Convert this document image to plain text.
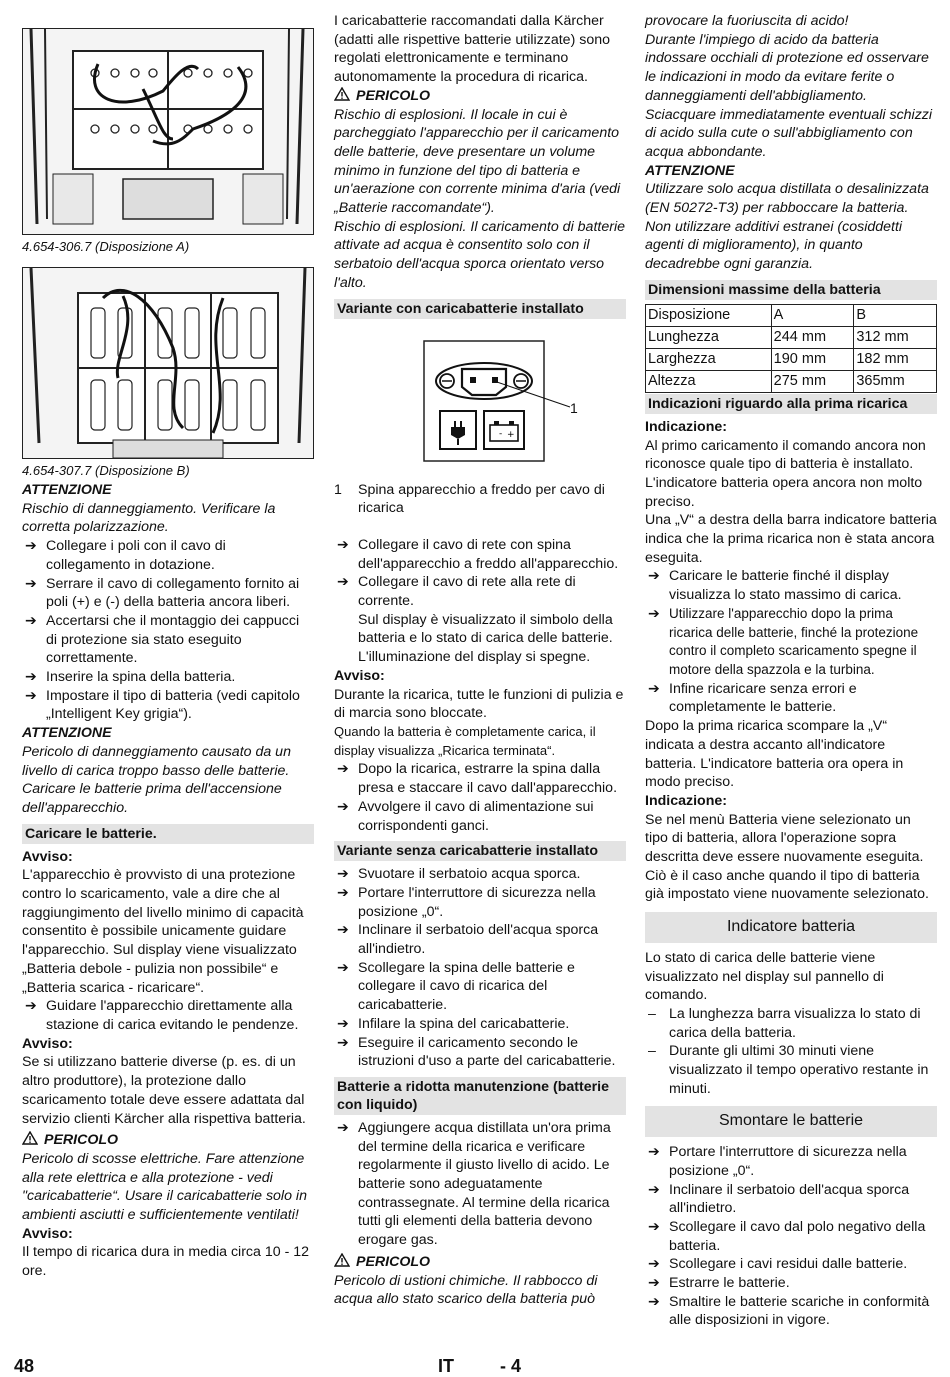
4.654-306.7 (Disposizione A)

4.654-307.7 (Disposizione B)

ATTENZIONE

Rischio di danneggiamento. Verificare la corretta polarizzazione.

➔ Collegare i poli con il cavo di collegamento in dotazione.

➔ Serrare il cavo di collegamento fornito ai poli (+) e (-) della batteria ancora liberi.

➔ Accertarsi che il montaggio dei cappucci di protezione sia stato eseguito correttamente.

➔ Inserire la spina della batteria.

➔ Impostare il tipo di batteria (vedi capitolo „Intelligent Key grigia“).

ATTENZIONE

Pericolo di danneggiamento causato da un livello di carica troppo basso delle batterie. Caricare le batterie prima dell'accensione dell'apparecchio.

Caricare le batterie.

Avviso:

L'apparecchio è provvisto di una protezione contro lo scaricamento, vale a dire che al raggiungimento del livello minimo di capacità consentito è possibile unicamente guidare l'apparecchio. Sul display viene visualizzato „Batteria debole - pulizia non possibile“ e „Batteria scarica - ricaricare“.

➔ Guidare l'apparecchio direttamente alla stazione di carica evitando le pendenze.

Avviso:

Se si utilizzano batterie diverse (p. es. di un altro produttore), la protezione dallo scaricamento totale deve essere adattata dal servizio clienti Kärcher alla rispettiva batteria.

PERICOLO

Pericolo di scosse elettriche. Fare attenzione alla rete elettrica e alla protezione - vedi "caricabatterie“. Usare il caricabatterie solo in ambienti asciutti e sufficientemente ventilati!

Avviso:

Il tempo di ricarica dura in media circa 10 - 12 ore.

I caricabatterie raccomandati dalla Kärcher (adatti alle rispettive batterie utilizzate) sono regolati elettronicamente e terminano autonomamente la procedura di ricarica.

PERICOLO

Rischio di esplosioni. Il locale in cui è parcheggiato l'apparecchio per il caricamento delle batterie, deve presentare un volume minimo in funzione del tipo di batteria e un'aerazione con corrente minima d'aria (vedi „Batterie raccomandate“).

Rischio di esplosioni. Il caricamento di batterie attivate ad acqua è consentito solo con il serbatoio dell'acqua sporca orientato verso l'alto.

Variante con caricabatterie installato
- +
1

1 Spina apparecchio a freddo per cavo di ricarica

➔ Collegare il cavo di rete con spina dell'apparecchio a freddo all'apparecchio.

➔ Collegare il cavo di rete alla rete di corrente.

Sul display è visualizzato il simbolo della batteria e lo stato di carica delle batterie. L'illuminazione del display si spegne.

Avviso:

Durante la ricarica, tutte le funzioni di pulizia e di marcia sono bloccate.

Quando la batteria è completamente carica, il display visualizza „Ricarica terminata“.

➔ Dopo la ricarica, estrarre la spina dalla presa e staccare il cavo dall'apparecchio.

➔ Avvolgere il cavo di alimentazione sui corrispondenti ganci.

Variante senza caricabatterie installato

➔ Svuotare il serbatoio acqua sporca.

➔ Portare l'interruttore di sicurezza nella posizione „0“.

➔ Inclinare il serbatoio dell'acqua sporca all'indietro.

➔ Scollegare la spina delle batterie e collegare il cavo di ricarica del caricabatterie.

➔ Infilare la spina del caricabatterie.

➔ Eseguire il caricamento secondo le istruzioni d'uso a parte del caricabatterie.

Batterie a ridotta manutenzione (batterie con liquido)

➔ Aggiungere acqua distillata un'ora prima del termine della ricarica e verificare regolarmente il giusto livello di acido. Le batterie sono adeguatamente contrassegnate. Al termine della ricarica tutti gli elementi della batteria devono erogare gas.

PERICOLO

Pericolo di ustioni chimiche. Il rabbocco di acqua allo stato scarico della batteria può

provocare la fuoriuscita di acido!

Durante l'impiego di acido da batteria indossare occhiali di protezione ed osservare le indicazioni in modo da evitare ferite o danneggiamenti dell'abbigliamento. Sciacquare immediatamente eventuali schizzi di acido sulla cute o sull'abbigliamento con acqua abbondante.

ATTENZIONE

Utilizzare solo acqua distillata o desalinizzata (EN 50272-T3) per rabboccare la batteria.

Non utilizzare additivi estranei (cosiddetti agenti di miglioramento), in quanto decadrebbe ogni garanzia.

Dimensioni massime della batteria
Disposizione	A	B
Lunghezza	244 mm	312 mm
Larghezza	190 mm	182 mm
Altezza	275 mm	365mm
Indicazioni riguardo alla prima ricarica

Indicazione:

Al primo caricamento il comando ancora non riconosce quale tipo di batteria è installato. L'indicatore batteria opera ancora non molto preciso.

Una „V“ a destra della barra indicatore batteria indica che la prima ricarica non è stata ancora eseguita.

➔ Caricare le batterie finché il display visualizza lo stato massimo di carica.

➔ Utilizzare l'apparecchio dopo la prima ricarica delle batterie, finché la protezione contro il completo scaricamento spegne il motore della spazzola e la turbina.

➔ Infine ricaricare senza errori e completamente le batterie.

Dopo la prima ricarica scompare la „V“ indicata a destra accanto all'indicatore batteria. L'indicatore batteria ora opera in modo preciso.

Indicazione:

Se nel menù Batteria viene selezionato un tipo di batteria, allora l'operazione sopra descritta deve essere nuovamente eseguita. Ciò è il caso anche quando il tipo di batteria già impostato viene nuovamente selezionato.

Indicatore batteria

Lo stato di carica delle batterie viene visualizzato nel display sul pannello di comando.

– La lunghezza barra visualizza lo stato di carica della batteria.

– Durante gli ultimi 30 minuti viene visualizzato il tempo operativo restante in minuti.

Smontare le batterie

➔ Portare l'interruttore di sicurezza nella posizione „0“.

➔ Inclinare il serbatoio dell'acqua sporca all'indietro.

➔ Scollegare il cavo dal polo negativo della batteria.

➔ Scollegare i cavi residui dalle batterie.

➔ Estrarre le batterie.

➔ Smaltire le batterie scariche in conformità alle disposizioni in vigore.

48	IT	- 4
